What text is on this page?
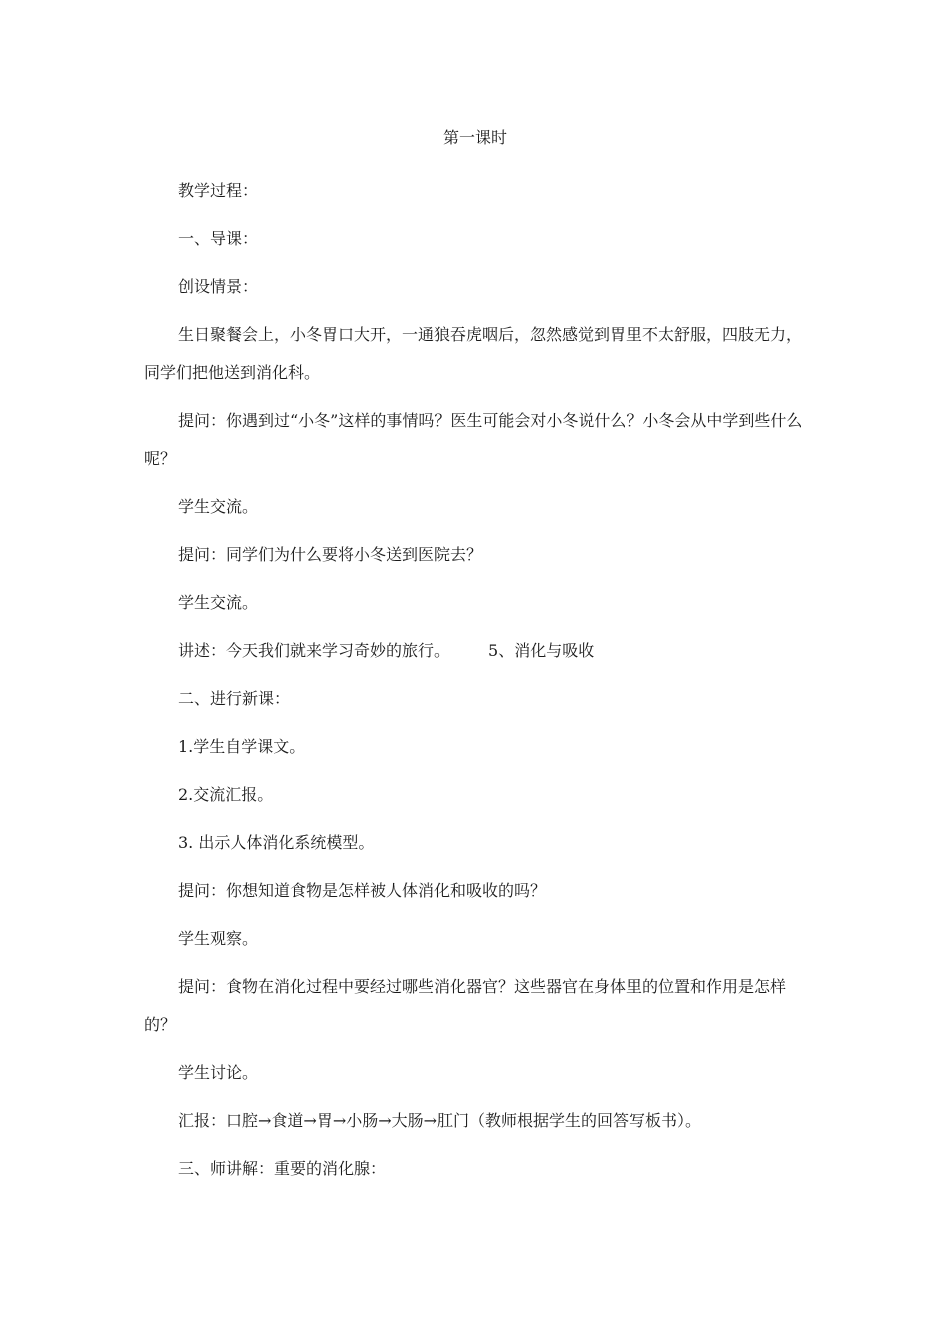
第一课时

教学过程：

一、导课：

创设情景：

生日聚餐会上，小冬胃口大开，一通狼吞虎咽后，忽然感觉到胃里不太舒服，四肢无力，同学们把他送到消化科。

提问：你遇到过“小冬”这样的事情吗？医生可能会对小冬说什么？小冬会从中学到些什么呢？

学生交流。

提问：同学们为什么要将小冬送到医院去？

学生交流。

讲述：今天我们就来学习奇妙的旅行。 5、消化与吸收

二、进行新课：

1.学生自学课文。

2.交流汇报。

3. 出示人体消化系统模型。

提问：你想知道食物是怎样被人体消化和吸收的吗？

学生观察。

提问：食物在消化过程中要经过哪些消化器官？这些器官在身体里的位置和作用是怎样的？

学生讨论。

汇报：口腔→食道→胃→小肠→大肠→肛门（教师根据学生的回答写板书）。

三、师讲解：重要的消化腺：
